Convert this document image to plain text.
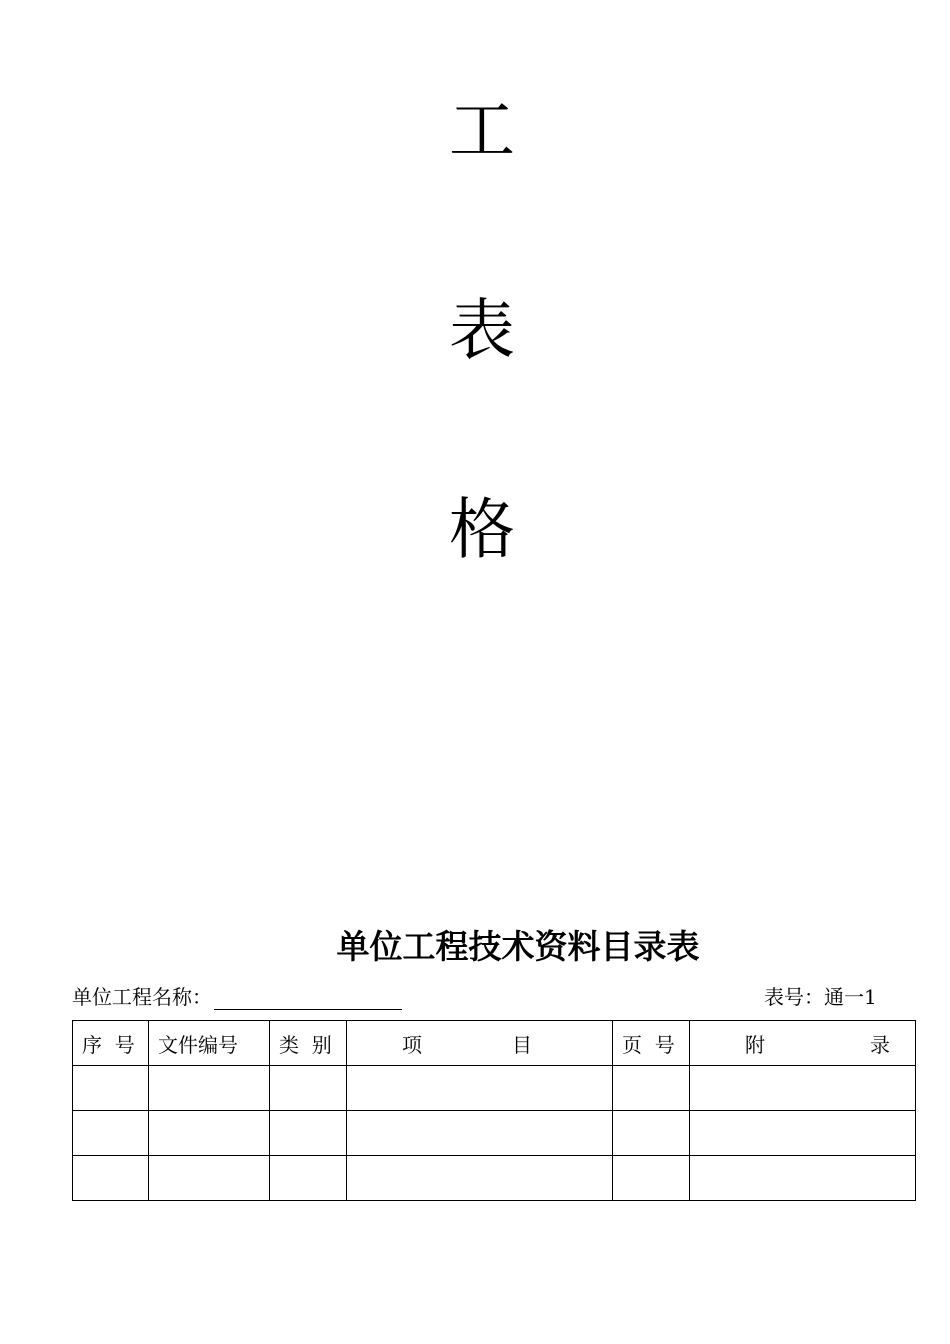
工
表
格
单位工程技术资料目录表
单位工程名称：	表号：通一1
序  号	文件编号	类  别	项 目	页  号	附 录
